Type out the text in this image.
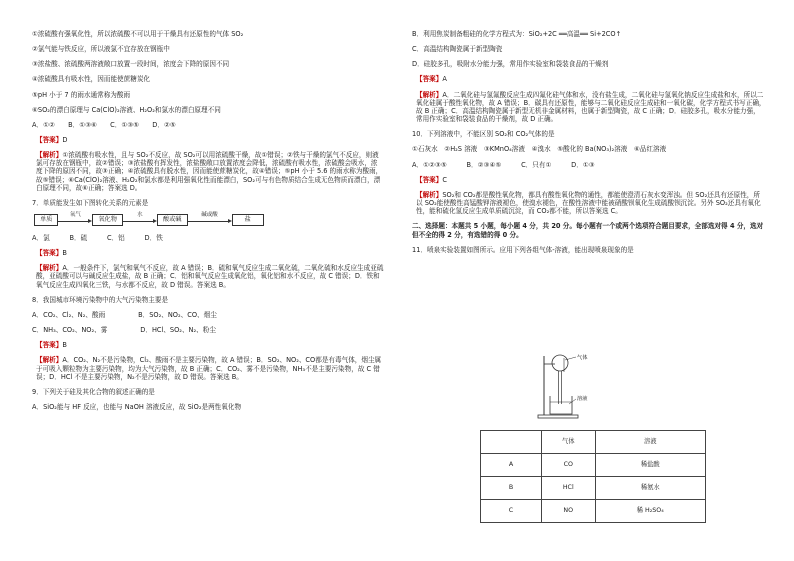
①浓硫酸有强氧化性，所以浓硫酸不可以用于干燥具有还原性的气体 SO₂
②氯气能与铁反应，所以液氯不宜存放在钢瓶中
③浓盐酸、浓硫酸两溶液敞口放置一段时间，浓度会下降的原因不同
④浓硫酸具有吸水性，因而能使蔗糖炭化
⑤pH 小于 7 的雨水通常称为酸雨
⑥SO₂的漂白原理与 Ca(ClO)₂溶液、H₂O₂和氯水的漂白原理不同
A．①②　　B．①③⑥　　C．①③⑤　　D．②⑤
【答案】D
【解析】①浓硫酸有吸水性，且与 SO₂不反应，故 SO₂可以用浓硫酸干燥，故①错误；②铁与干燥的氯气不反应，则液氯可存放在钢瓶中，故②错误；③浓盐酸有挥发性，浓盐酸敞口放置浓度会降低，浓硫酸有吸水性，浓硫酸会吸水，浓度下降的原因不同，故③正确；④浓硫酸具有脱水性，因而能使蔗糖炭化，故④错误；⑤pH 小于 5.6 的雨水称为酸雨，故⑤错误；⑥Ca(ClO)₂溶液、H₂O₂和氯水都是利用强氧化性而能漂白，SO₂可与有色物质结合生成无色物质而漂白，漂白原理不同，故⑥正确；答案选 D。
7．单质能发生如下图转化关系的元素是
单质
氧气
氧化物
水
酸或碱
碱或酸
盐
A．氯　　　B．硫　　　C．铝　　　D．铁
【答案】B
【解析】A．一般条件下，氯气和氧气不反应，故 A 错误；B．硫和氧气反应生成二氧化硫，二氧化硫和水反应生成亚硫酸，亚硫酸可以与碱反应生成盐，故 B 正确；C．铝和氧气反应生成氧化铝，氧化铝和水不反应，故 C 错误；D．铁和氧气反应生成四氧化三铁，与水都不反应，故 D 错误。答案选 B。
8．我国城市环境污染物中的大气污染物主要是
A．CO₂、Cl₂、N₂、酸雨　　　　　B．SO₂、NO₂、CO、烟尘
C．NH₃、CO₂、NO₂、雾　　　　　D．HCl、SO₂、N₂、粉尘
【答案】B
【解析】A．CO₂、N₂不是污染物，Cl₂、酸雨不是主要污染物，故 A 错误；B．SO₂、NO₂、CO都是有毒气体，烟尘属于可吸入颗粒物为主要污染物，均为大气污染物，故 B 正确；C．CO₂、雾不是污染物，NH₃不是主要污染物，故 C 错误；D．HCl 不是主要污染物，N₂不是污染物，故 D 错误。答案选 B。
9．下列关于硅及其化合物的叙述正确的是
A．SiO₂能与 HF 反应，也能与 NaOH 溶液反应，故 SiO₂是两性氧化物
B．利用焦炭制备粗硅的化学方程式为：SiO₂+2C ══高温══ Si+2CO↑
C．高温结构陶瓷属于新型陶瓷
D．硅胶多孔，吸附水分能力强，常用作实验室和袋装食品的干燥剂
【答案】A
【解析】A．二氧化硅与氢氟酸反应生成四氟化硅气体和水，没有盐生成，二氧化硅与氢氧化钠反应生成盐和水，所以二氧化硅属于酸性氧化物，故 A 错误；B．碳具有还原性，能够与二氧化硅反应生成硅和一氧化碳，化学方程式书写正确，故 B 正确；C．高温结构陶瓷属于新型无机非金属材料，也属于新型陶瓷，故 C 正确；D．硅胶多孔，吸水分能力强，常用作实验室和袋装食品的干燥剂，故 D 正确。
10．下列溶液中，不能区别 SO₂和 CO₂气体的是
①石灰水　②H₂S 溶液　③KMnO₄溶液　④溴水　⑤酸化的 Ba(NO₃)₂溶液　⑥品红溶液
A．①②③⑤　　　B．②③④⑤　　　C．只有①　　　D．①③
【答案】C
【解析】SO₂和 CO₂都是酸性氧化物，都具有酸性氧化物的通性，都能使澄清石灰水变浑浊。但 SO₂还具有还原性，所以 SO₂能使酸性高锰酸钾溶液褪色，使溴水褪色，在酸性溶液中能被硝酸钡氧化生成硫酸钡沉淀。另外 SO₂还具有氧化性，能和硫化氢反应生成单质硫沉淀，而 CO₂都不能，所以答案选 C。
二、选择题：本题共 5 小题，每小题 4 分，共 20 分。每小题有一个或两个选项符合题目要求，全部选对得 4 分，选对但不全的得 2 分，有选错的得 0 分。
11．喷泉实验装置如图所示。应用下列各组气体-溶液，能出现喷泉现象的是
气体
溶液
	气体	溶液
A	CO	稀盐酸
B	HCl	稀氨水
C	NO	稀 H₂SO₄
